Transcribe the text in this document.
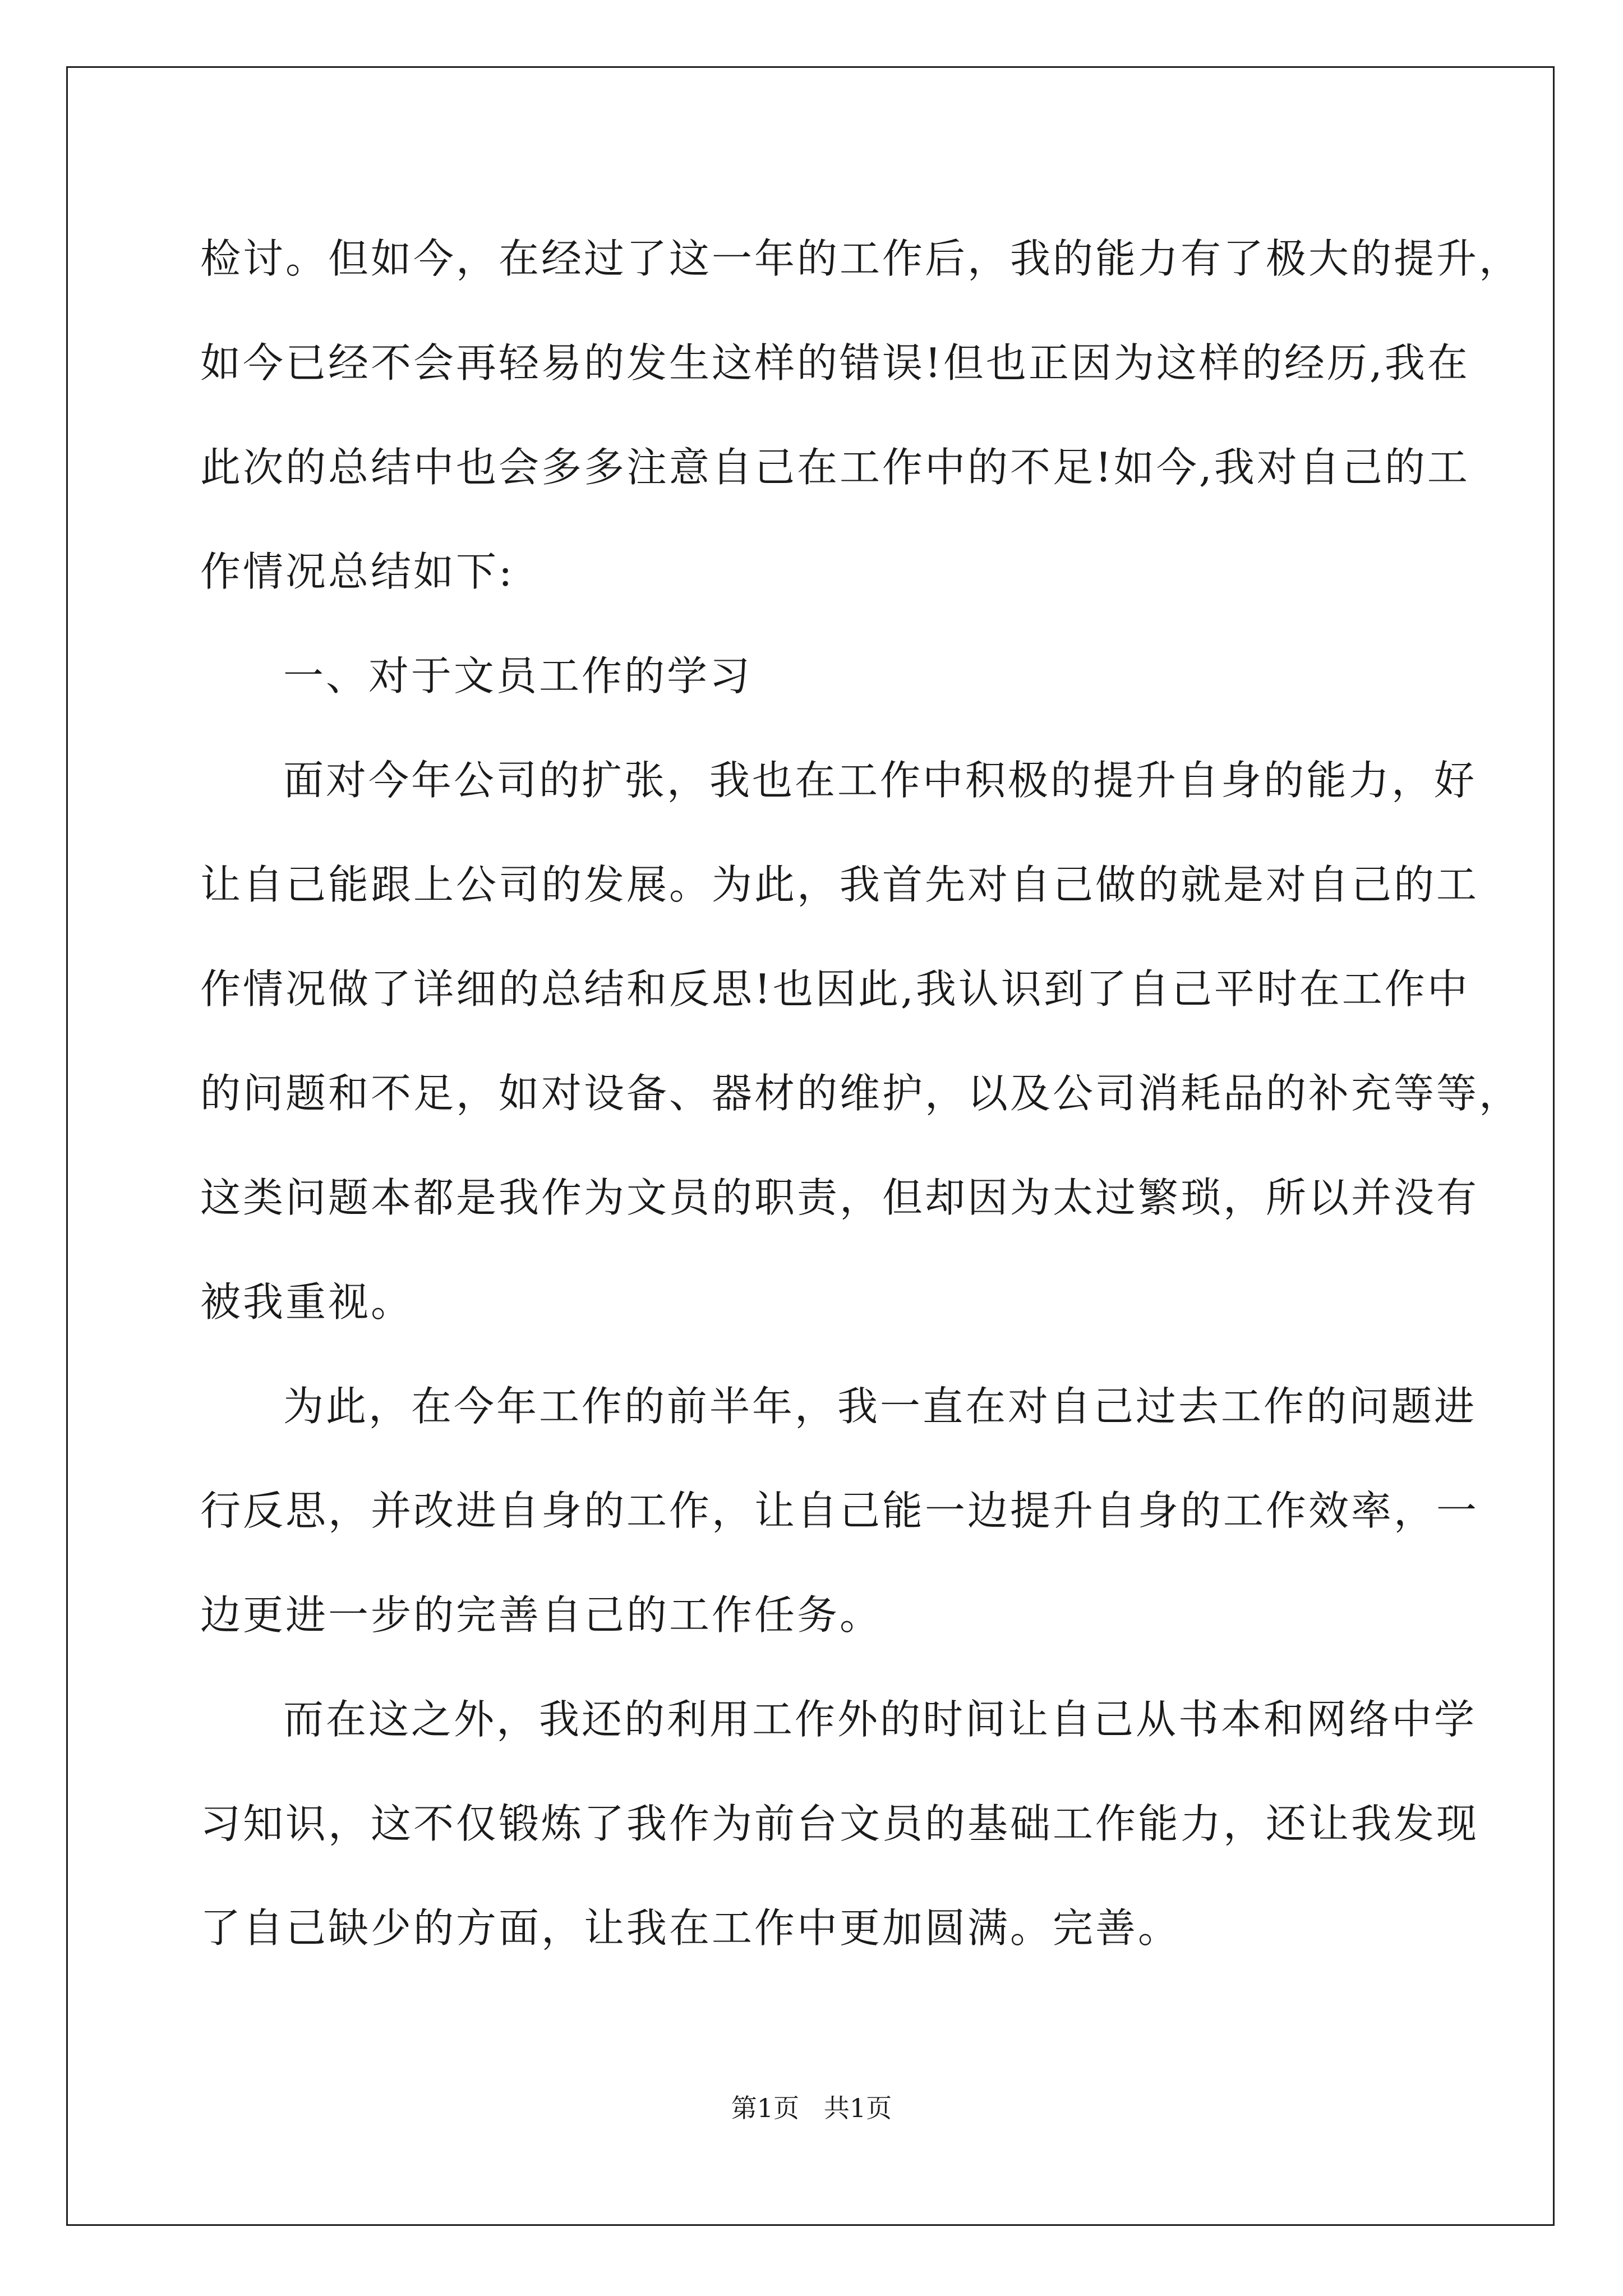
检讨。但如今，在经过了这一年的工作后，我的能力有了极大的提升，
如今已经不会再轻易的发生这样的错误!但也正因为这样的经历,我在
此次的总结中也会多多注意自己在工作中的不足!如今,我对自己的工
作情况总结如下:
一、对于文员工作的学习
面对今年公司的扩张，我也在工作中积极的提升自身的能力，好
让自己能跟上公司的发展。为此，我首先对自己做的就是对自己的工
作情况做了详细的总结和反思!也因此,我认识到了自己平时在工作中
的问题和不足，如对设备、器材的维护，以及公司消耗品的补充等等，
这类问题本都是我作为文员的职责，但却因为太过繁琐，所以并没有
被我重视。
为此，在今年工作的前半年，我一直在对自己过去工作的问题进
行反思，并改进自身的工作，让自己能一边提升自身的工作效率，一
边更进一步的完善自己的工作任务。
而在这之外，我还的利用工作外的时间让自己从书本和网络中学
习知识，这不仅锻炼了我作为前台文员的基础工作能力，还让我发现
了自己缺少的方面，让我在工作中更加圆满。完善。
第1页   共1页
